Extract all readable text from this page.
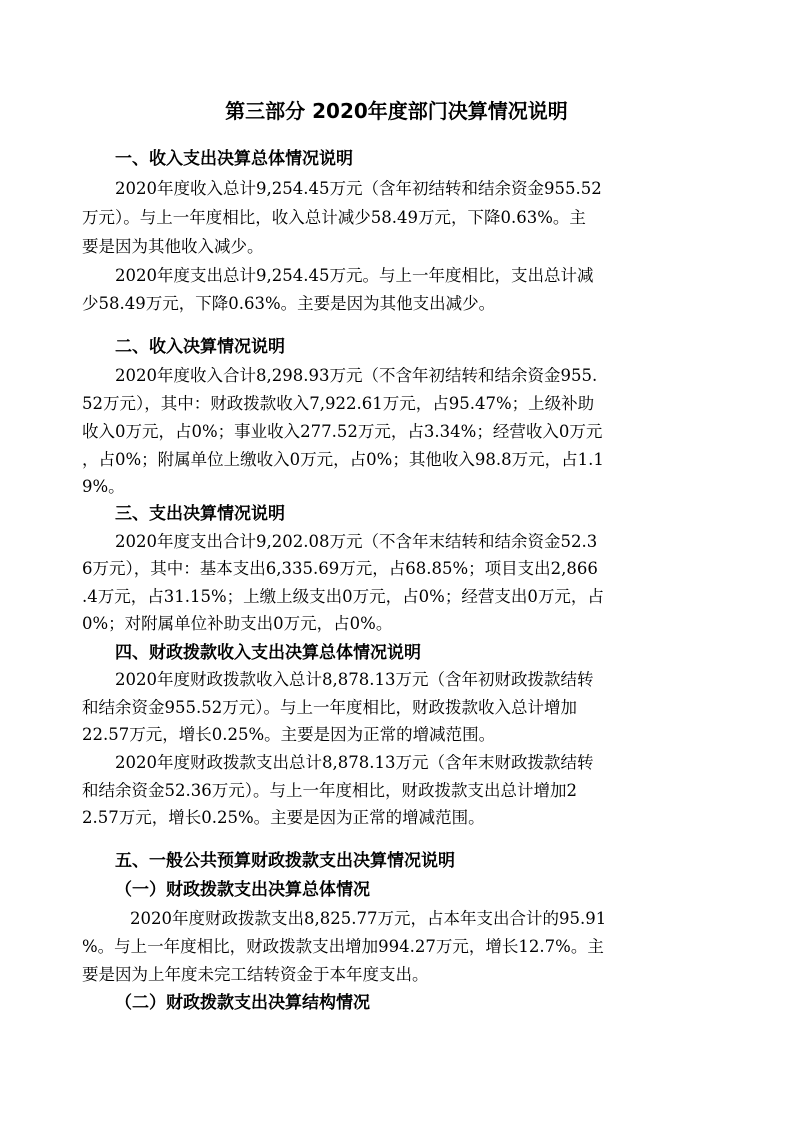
第三部分 2020年度部门决算情况说明
一、收入支出决算总体情况说明
2020年度收入总计9,254.45万元（含年初结转和结余资金955.52
万元）。与上一年度相比，收入总计减少58.49万元，下降0.63%。主
要是因为其他收入减少。
2020年度支出总计9,254.45万元。与上一年度相比，支出总计减
少58.49万元，下降0.63%。主要是因为其他支出减少。
二、收入决算情况说明
2020年度收入合计8,298.93万元（不含年初结转和结余资金955.
52万元），其中：财政拨款收入7,922.61万元，占95.47%；上级补助
收入0万元，占0%；事业收入277.52万元，占3.34%；经营收入0万元
，占0%；附属单位上缴收入0万元，占0%；其他收入98.8万元，占1.1
9%。
三、支出决算情况说明
2020年度支出合计9,202.08万元（不含年末结转和结余资金52.3
6万元），其中：基本支出6,335.69万元，占68.85%；项目支出2,866
.4万元，占31.15%；上缴上级支出0万元，占0%；经营支出0万元，占
0%；对附属单位补助支出0万元，占0%。
四、财政拨款收入支出决算总体情况说明
2020年度财政拨款收入总计8,878.13万元（含年初财政拨款结转
和结余资金955.52万元）。与上一年度相比，财政拨款收入总计增加
22.57万元，增长0.25%。主要是因为正常的增减范围。
2020年度财政拨款支出总计8,878.13万元（含年末财政拨款结转
和结余资金52.36万元）。与上一年度相比，财政拨款支出总计增加2
2.57万元，增长0.25%。主要是因为正常的增减范围。
五、一般公共预算财政拨款支出决算情况说明
（一）财政拨款支出决算总体情况
2020年度财政拨款支出8,825.77万元，占本年支出合计的95.91
%。与上一年度相比，财政拨款支出增加994.27万元，增长12.7%。主
要是因为上年度未完工结转资金于本年度支出。
（二）财政拨款支出决算结构情况
